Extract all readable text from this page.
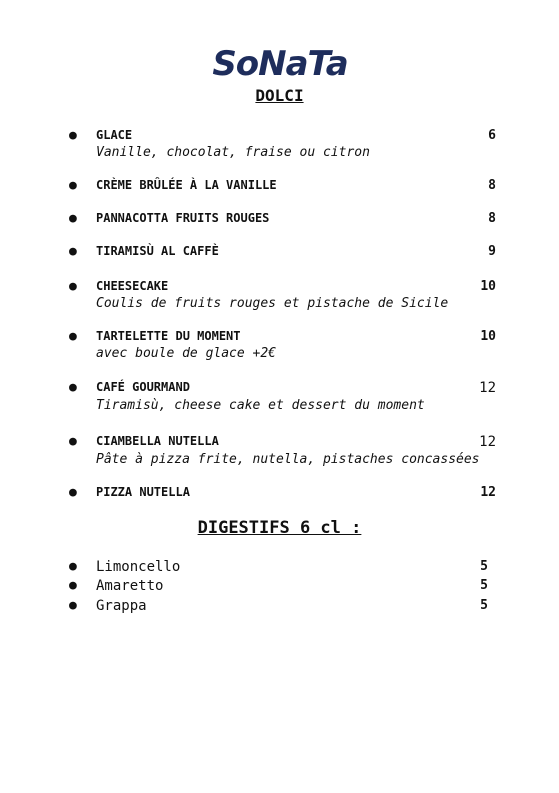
SoNaTa
DOLCI
● GLACE	6
Vanille, chocolat, fraise ou citron
● CRÈME BRÛLÉE À LA VANILLE	8
● PANNACOTTA FRUITS ROUGES	8
● TIRAMISÙ AL CAFFÈ	9
● CHEESECAKE	10
Coulis de fruits rouges et pistache de Sicile
● TARTELETTE DU MOMENT	10
avec boule de glace +2€
● CAFÉ GOURMAND	12
Tiramisù, cheese cake et dessert du moment
● CIAMBELLA NUTELLA	12
Pâte à pizza frite, nutella, pistaches concassées
● PIZZA NUTELLA	12
DIGESTIFS 6 cl :
● Limoncello	5
● Amaretto	5
● Grappa	5
